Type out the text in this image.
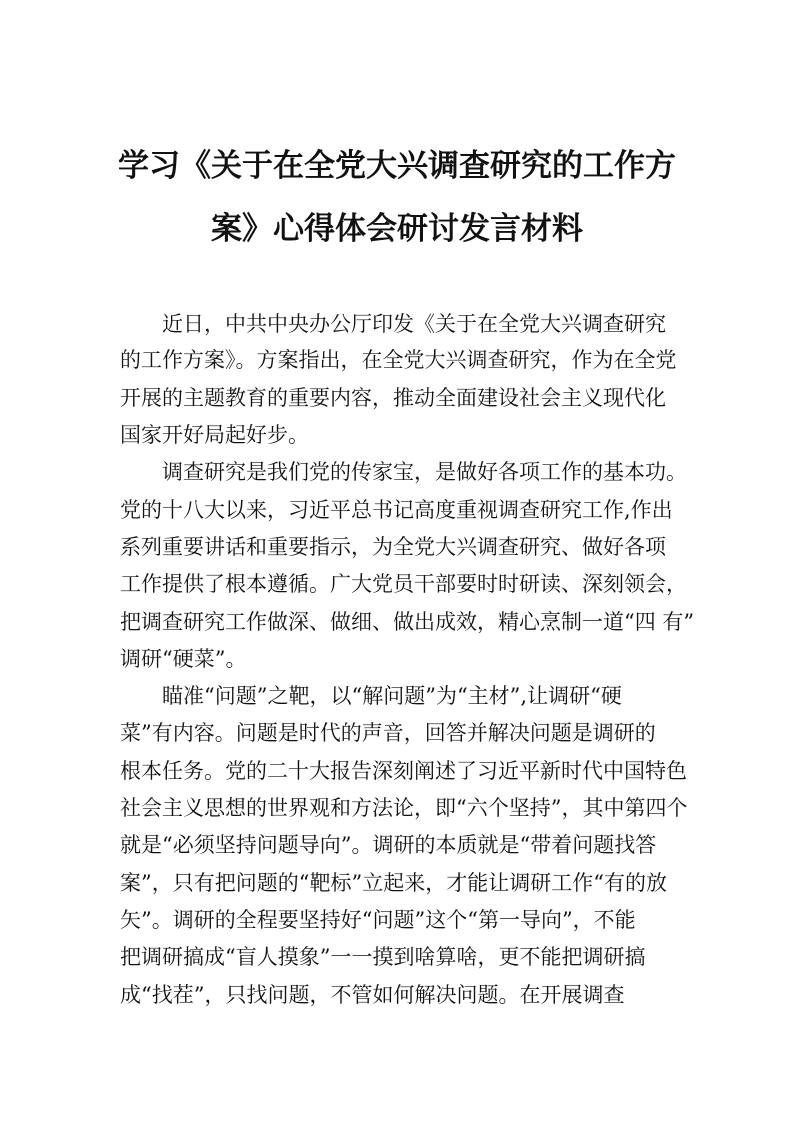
学习《关于在全党大兴调查研究的工作方
案》心得体会研讨发言材料

近日，中共中央办公厅印发《关于在全党大兴调查研究

的工作方案》。方案指出，在全党大兴调查研究，作为在全党

开展的主题教育的重要内容，推动全面建设社会主义现代化

国家开好局起好步。

调查研究是我们党的传家宝，是做好各项工作的基本功。

党的十八大以来，习近平总书记高度重视调查研究工作,作出

系列重要讲话和重要指示，为全党大兴调查研究、做好各项

工作提供了根本遵循。广大党员干部要时时研读、深刻领会，

把调查研究工作做深、做细、做出成效，精心烹制一道“四 有”

调研“硬菜”。

瞄准“问题”之靶，以“解问题”为“主材”,让调研“硬

菜”有内容。问题是时代的声音，回答并解决问题是调研的

根本任务。党的二十大报告深刻阐述了习近平新时代中国特色

社会主义思想的世界观和方法论，即“六个坚持”，其中第四个

就是“必须坚持问题导向”。调研的本质就是“带着问题找答

案”，只有把问题的“靶标”立起来，才能让调研工作“有的放

矢”。调研的全程要坚持好“问题”这个“第一导向”，不能

把调研搞成“盲人摸象”一一摸到啥算啥，更不能把调研搞

成“找茬”，只找问题，不管如何解决问题。在开展调查
